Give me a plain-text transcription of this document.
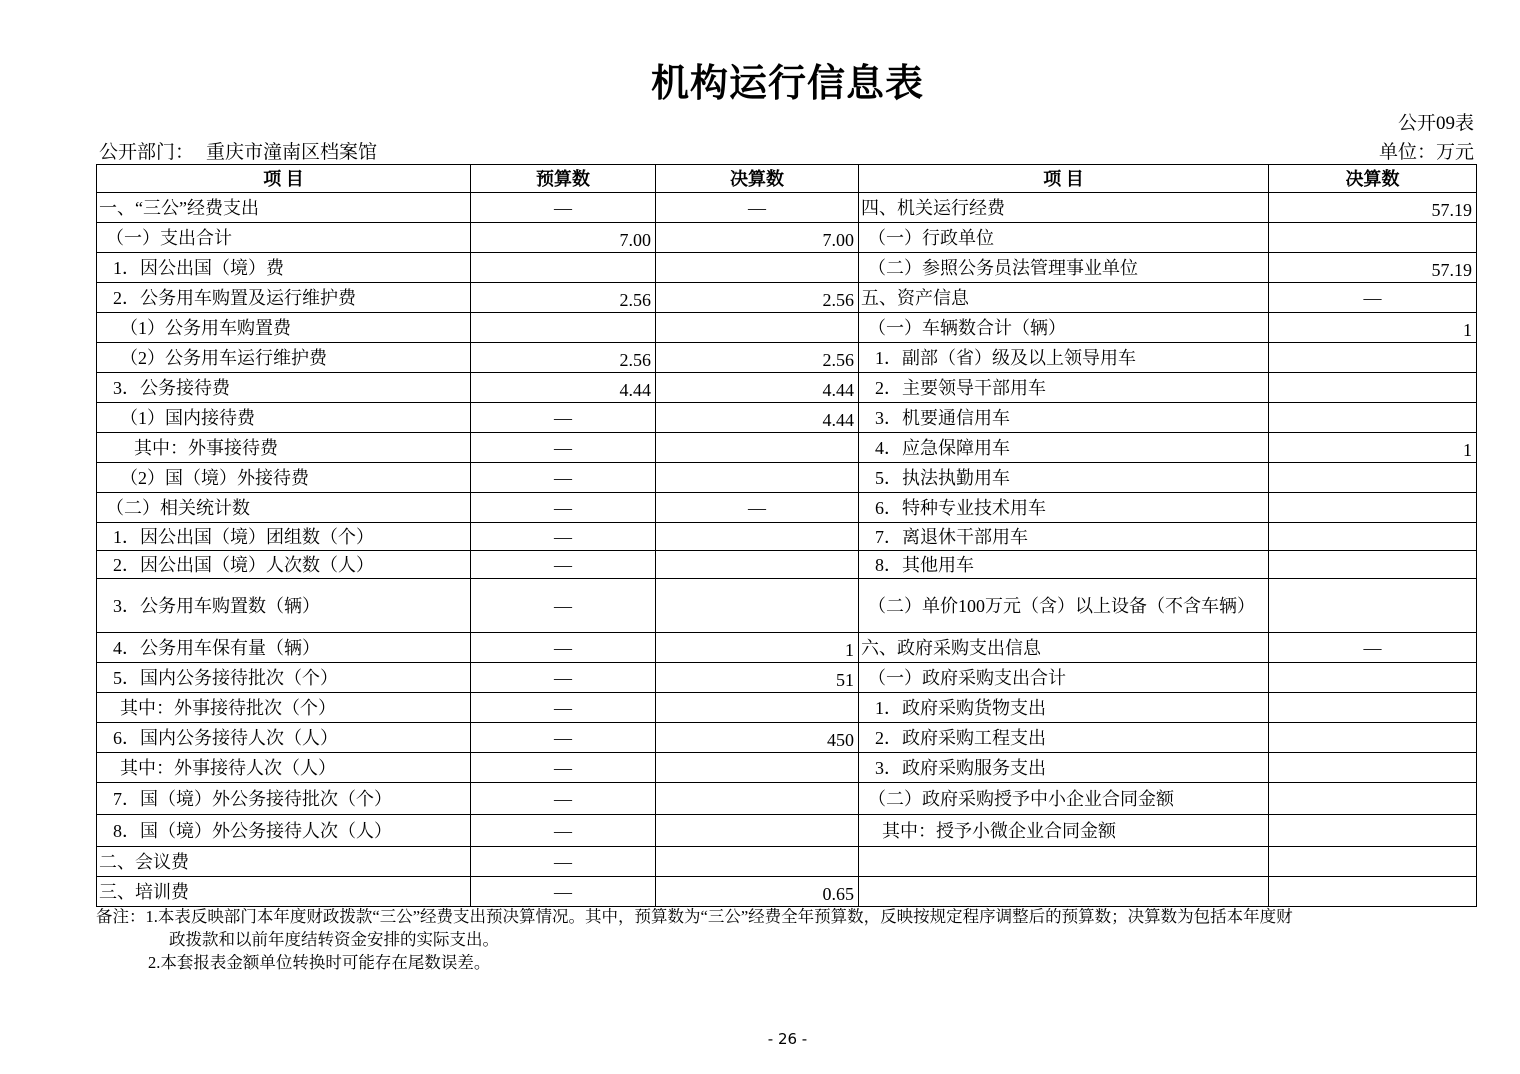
机构运行信息表
公开09表
公开部门： 重庆市潼南区档案馆	单位：万元
项 目	预算数	决算数	项 目	决算数
一、“三公”经费支出	—	—	四、机关运行经费	57.19
（一）支出合计	7.00	7.00	（一）行政单位	
1．因公出国（境）费			（二）参照公务员法管理事业单位	57.19
2．公务用车购置及运行维护费	2.56	2.56	五、资产信息	—
（1）公务用车购置费			（一）车辆数合计（辆）	1
（2）公务用车运行维护费	2.56	2.56	1．副部（省）级及以上领导用车	
3．公务接待费	4.44	4.44	2．主要领导干部用车	
（1）国内接待费	—	4.44	3．机要通信用车	
其中：外事接待费	—		4．应急保障用车	1
（2）国（境）外接待费	—		5．执法执勤用车	
（二）相关统计数	—	—	6．特种专业技术用车	
1．因公出国（境）团组数（个）	—		7．离退休干部用车	
2．因公出国（境）人次数（人）	—		8．其他用车	
3．公务用车购置数（辆）	—		（二）单价100万元（含）以上设备（不含车辆）	
4．公务用车保有量（辆）	—	1	六、政府采购支出信息	—
5．国内公务接待批次（个）	—	51	（一）政府采购支出合计	
其中：外事接待批次（个）	—		1．政府采购货物支出	
6．国内公务接待人次（人）	—	450	2．政府采购工程支出	
其中：外事接待人次（人）	—		3．政府采购服务支出	
7．国（境）外公务接待批次（个）	—		（二）政府采购授予中小企业合同金额	
8．国（境）外公务接待人次（人）	—		其中：授予小微企业合同金额	
二、会议费	—			
三、培训费	—	0.65		
备注：1.本表反映部门本年度财政拨款“三公”经费支出预决算情况。其中，预算数为“三公”经费全年预算数，反映按规定程序调整后的预算数；决算数为包括本年度财
政拨款和以前年度结转资金安排的实际支出。
2.本套报表金额单位转换时可能存在尾数误差。
- 26 -
